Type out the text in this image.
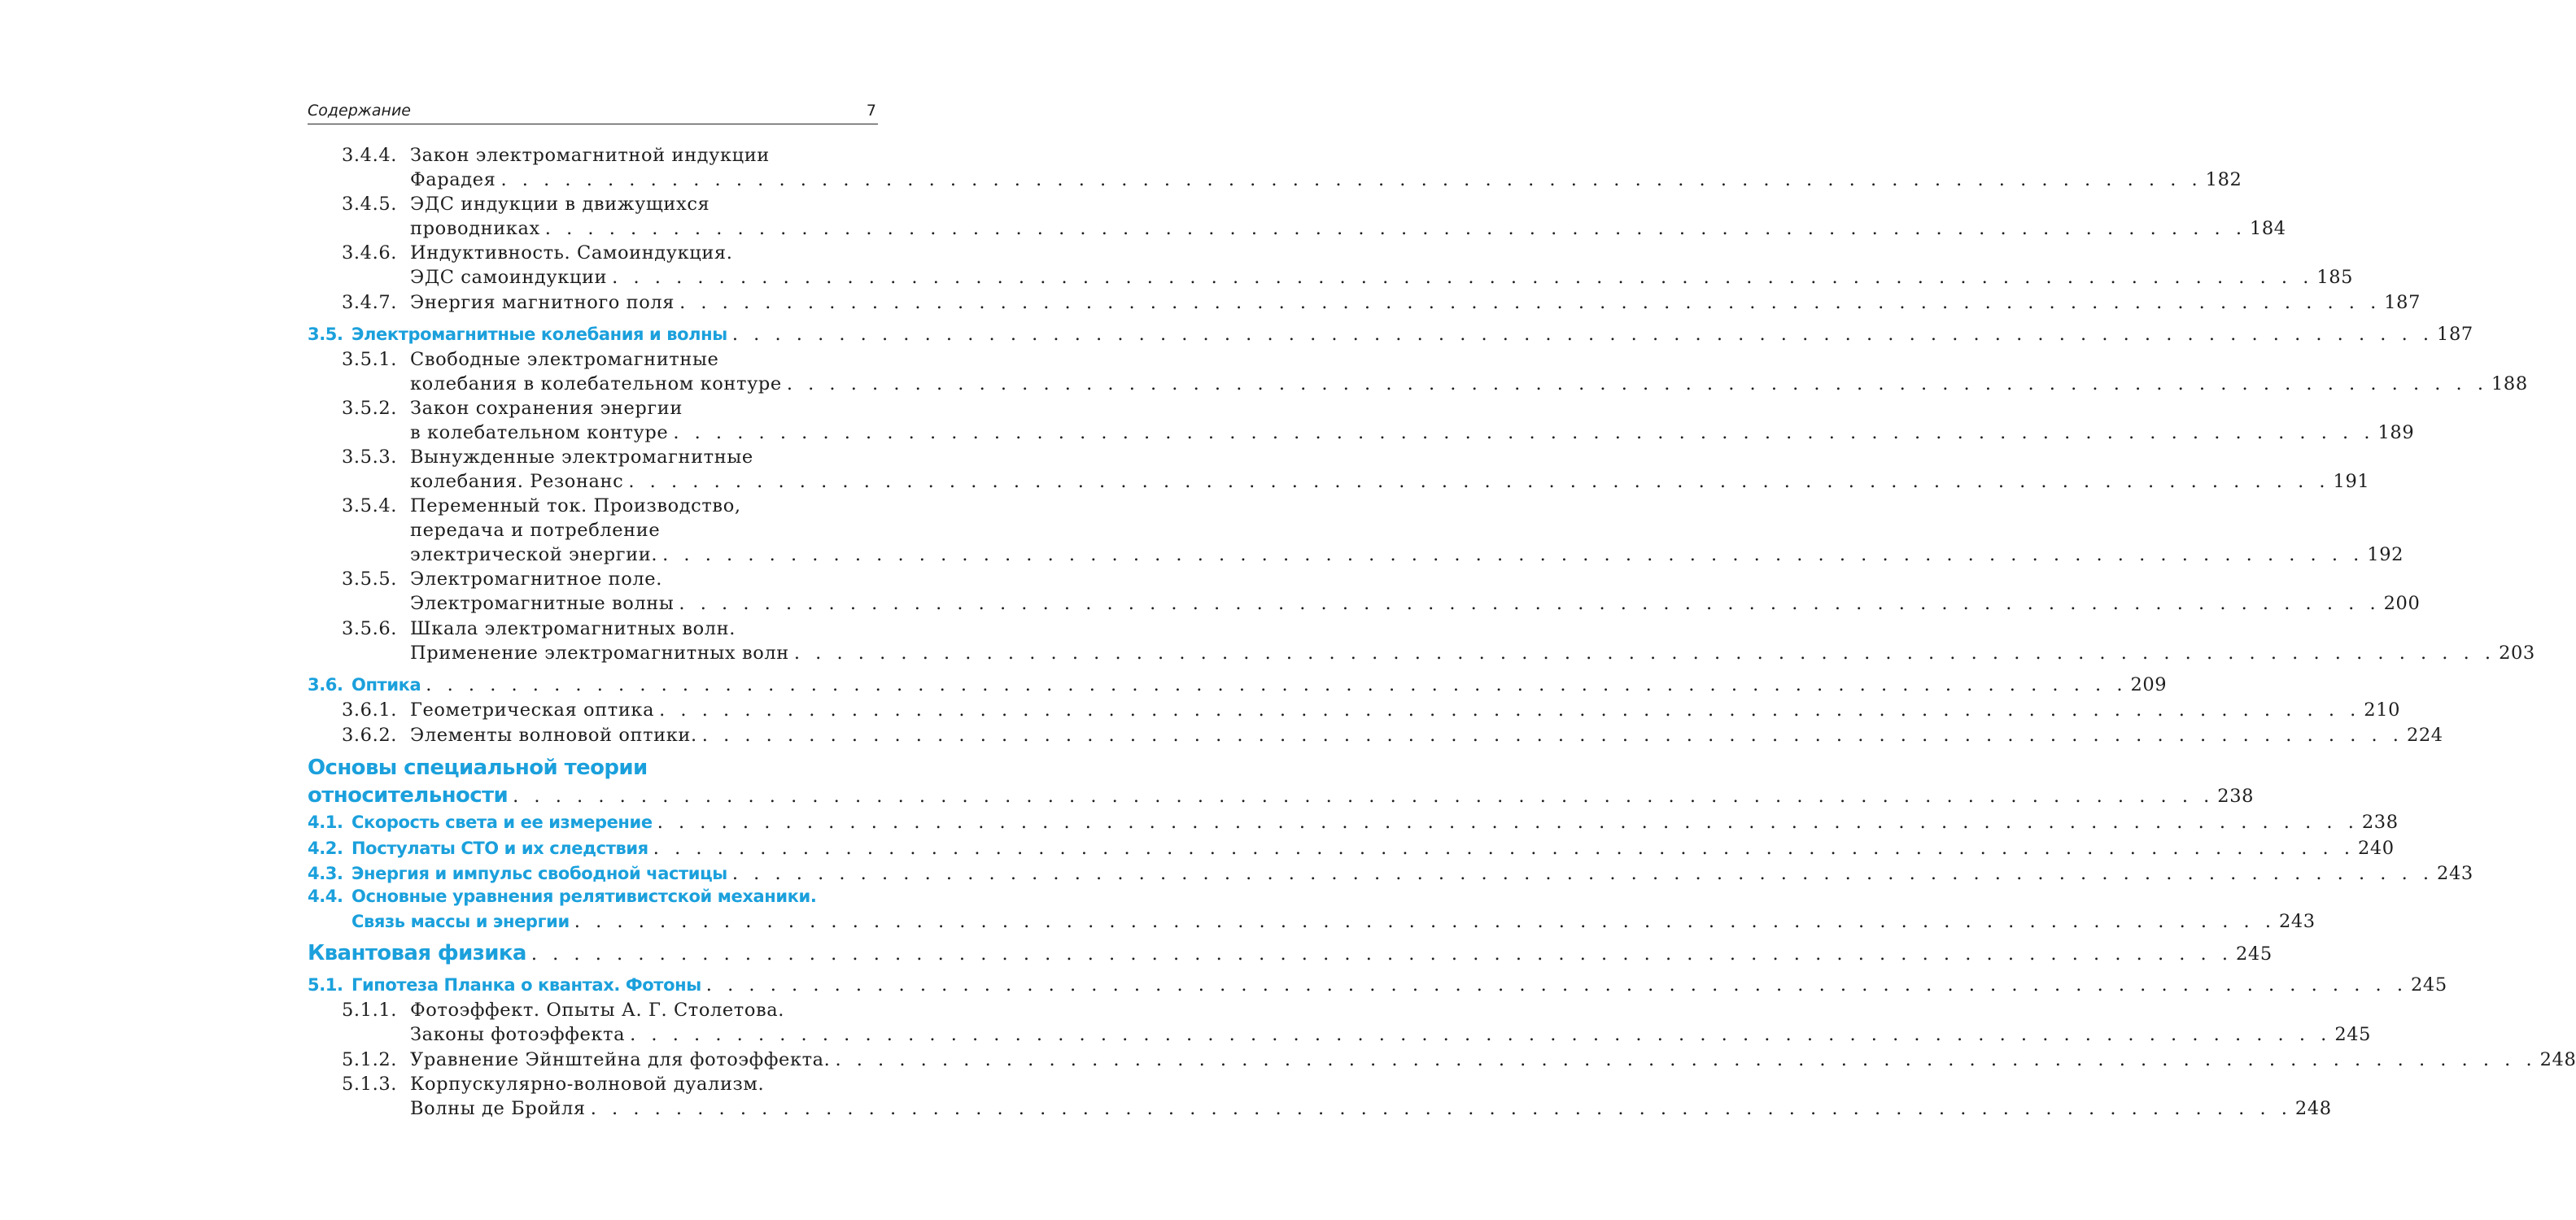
Содержание	7
3.4.4. Закон электромагнитной индукции
Фарадея . . . . . . . . . . . . . . . . . . . . . . . . . . . . . . . . . . . . . . . . . . . . . . . . . . . . . . . . . . . . . . . . . . . . . . . . . . . . . . . . 182
3.4.5. ЭДС индукции в движущихся
проводниках . . . . . . . . . . . . . . . . . . . . . . . . . . . . . . . . . . . . . . . . . . . . . . . . . . . . . . . . . . . . . . . . . . . . . . . . . . . . . . . . 184
3.4.6. Индуктивность. Самоиндукция.
ЭДС самоиндукции . . . . . . . . . . . . . . . . . . . . . . . . . . . . . . . . . . . . . . . . . . . . . . . . . . . . . . . . . . . . . . . . . . . . . . . . . . . . . . . . 185
3.4.7. Энергия магнитного поля . . . . . . . . . . . . . . . . . . . . . . . . . . . . . . . . . . . . . . . . . . . . . . . . . . . . . . . . . . . . . . . . . . . . . . . . . . . . . . . . 187
3.5. Электромагнитные колебания и волны . . . . . . . . . . . . . . . . . . . . . . . . . . . . . . . . . . . . . . . . . . . . . . . . . . . . . . . . . . . . . . . . . . . . . . . . . . . . . . . . 187
3.5.1. Свободные электромагнитные
колебания в колебательном контуре . . . . . . . . . . . . . . . . . . . . . . . . . . . . . . . . . . . . . . . . . . . . . . . . . . . . . . . . . . . . . . . . . . . . . . . . . . . . . . . . 188
3.5.2. Закон сохранения энергии
в колебательном контуре . . . . . . . . . . . . . . . . . . . . . . . . . . . . . . . . . . . . . . . . . . . . . . . . . . . . . . . . . . . . . . . . . . . . . . . . . . . . . . . . 189
3.5.3. Вынужденные электромагнитные
колебания. Резонанс . . . . . . . . . . . . . . . . . . . . . . . . . . . . . . . . . . . . . . . . . . . . . . . . . . . . . . . . . . . . . . . . . . . . . . . . . . . . . . . . 191
3.5.4. Переменный ток. Производство,
передача и потребление
электрической энергии. . . . . . . . . . . . . . . . . . . . . . . . . . . . . . . . . . . . . . . . . . . . . . . . . . . . . . . . . . . . . . . . . . . . . . . . . . . . . . . . . 192
3.5.5. Электромагнитное поле.
Электромагнитные волны . . . . . . . . . . . . . . . . . . . . . . . . . . . . . . . . . . . . . . . . . . . . . . . . . . . . . . . . . . . . . . . . . . . . . . . . . . . . . . . . 200
3.5.6. Шкала электромагнитных волн.
Применение электромагнитных волн . . . . . . . . . . . . . . . . . . . . . . . . . . . . . . . . . . . . . . . . . . . . . . . . . . . . . . . . . . . . . . . . . . . . . . . . . . . . . . . . 203
3.6. Оптика . . . . . . . . . . . . . . . . . . . . . . . . . . . . . . . . . . . . . . . . . . . . . . . . . . . . . . . . . . . . . . . . . . . . . . . . . . . . . . . . 209
3.6.1. Геометрическая оптика . . . . . . . . . . . . . . . . . . . . . . . . . . . . . . . . . . . . . . . . . . . . . . . . . . . . . . . . . . . . . . . . . . . . . . . . . . . . . . . . 210
3.6.2. Элементы волновой оптики. . . . . . . . . . . . . . . . . . . . . . . . . . . . . . . . . . . . . . . . . . . . . . . . . . . . . . . . . . . . . . . . . . . . . . . . . . . . . . . . . 224
Основы специальной теории
относительности . . . . . . . . . . . . . . . . . . . . . . . . . . . . . . . . . . . . . . . . . . . . . . . . . . . . . . . . . . . . . . . . . . . . . . . . . . . . . . . . 238
4.1. Скорость света и ее измерение . . . . . . . . . . . . . . . . . . . . . . . . . . . . . . . . . . . . . . . . . . . . . . . . . . . . . . . . . . . . . . . . . . . . . . . . . . . . . . . . 238
4.2. Постулаты СТО и их следствия . . . . . . . . . . . . . . . . . . . . . . . . . . . . . . . . . . . . . . . . . . . . . . . . . . . . . . . . . . . . . . . . . . . . . . . . . . . . . . . . 240
4.3. Энергия и импульс свободной частицы . . . . . . . . . . . . . . . . . . . . . . . . . . . . . . . . . . . . . . . . . . . . . . . . . . . . . . . . . . . . . . . . . . . . . . . . . . . . . . . . 243
4.4. Основные уравнения релятивистской механики.
Связь массы и энергии . . . . . . . . . . . . . . . . . . . . . . . . . . . . . . . . . . . . . . . . . . . . . . . . . . . . . . . . . . . . . . . . . . . . . . . . . . . . . . . . 243
Квантовая физика . . . . . . . . . . . . . . . . . . . . . . . . . . . . . . . . . . . . . . . . . . . . . . . . . . . . . . . . . . . . . . . . . . . . . . . . . . . . . . . . 245
5.1. Гипотеза Планка о квантах. Фотоны . . . . . . . . . . . . . . . . . . . . . . . . . . . . . . . . . . . . . . . . . . . . . . . . . . . . . . . . . . . . . . . . . . . . . . . . . . . . . . . . 245
5.1.1. Фотоэффект. Опыты А. Г. Столетова.
Законы фотоэффекта . . . . . . . . . . . . . . . . . . . . . . . . . . . . . . . . . . . . . . . . . . . . . . . . . . . . . . . . . . . . . . . . . . . . . . . . . . . . . . . . 245
5.1.2. Уравнение Эйнштейна для фотоэффекта. . . . . . . . . . . . . . . . . . . . . . . . . . . . . . . . . . . . . . . . . . . . . . . . . . . . . . . . . . . . . . . . . . . . . . . . . . . . . . . . . 248
5.1.3. Корпускулярно-волновой дуализм.
Волны де Бройля . . . . . . . . . . . . . . . . . . . . . . . . . . . . . . . . . . . . . . . . . . . . . . . . . . . . . . . . . . . . . . . . . . . . . . . . . . . . . . . . 248
